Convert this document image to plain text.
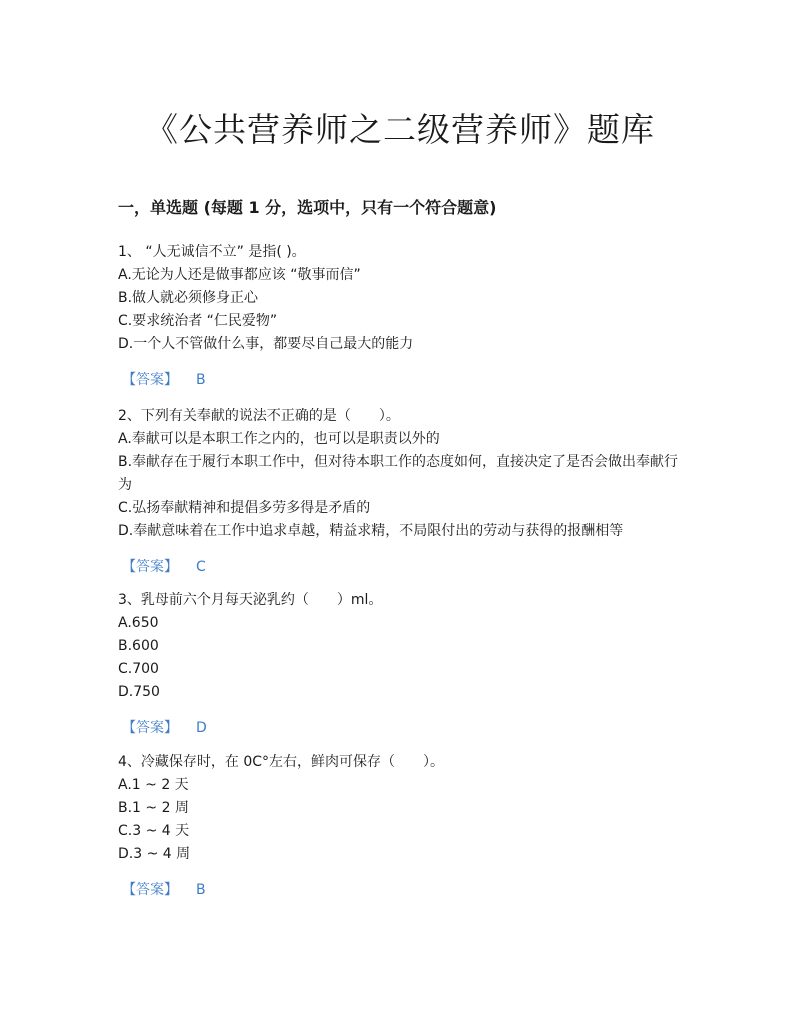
《公共营养师之二级营养师》题库
一，单选题 (每题 1 分，选项中，只有一个符合题意)

1、 “人无诚信不立” 是指( )。

A.无论为人还是做事都应该 “敬事而信”

B.做人就必须修身正心

C.要求统治者 “仁民爱物”

D.一个人不管做什么事，都要尽自己最大的能力

【答案】 B

2、下列有关奉献的说法不正确的是（　　）。

A.奉献可以是本职工作之内的，也可以是职责以外的

B.奉献存在于履行本职工作中，但对待本职工作的态度如何，直接决定了是否会做出奉献行为

C.弘扬奉献精神和提倡多劳多得是矛盾的

D.奉献意味着在工作中追求卓越，精益求精，不局限付出的劳动与获得的报酬相等

【答案】 C

3、乳母前六个月每天泌乳约（　　）ml。

A.650

B.600

C.700

D.750

【答案】 D

4、冷藏保存时，在 0C°左右，鲜肉可保存（　　）。

A.1 ~ 2 天

B.1 ~ 2 周

C.3 ~ 4 天

D.3 ~ 4 周

【答案】 B
